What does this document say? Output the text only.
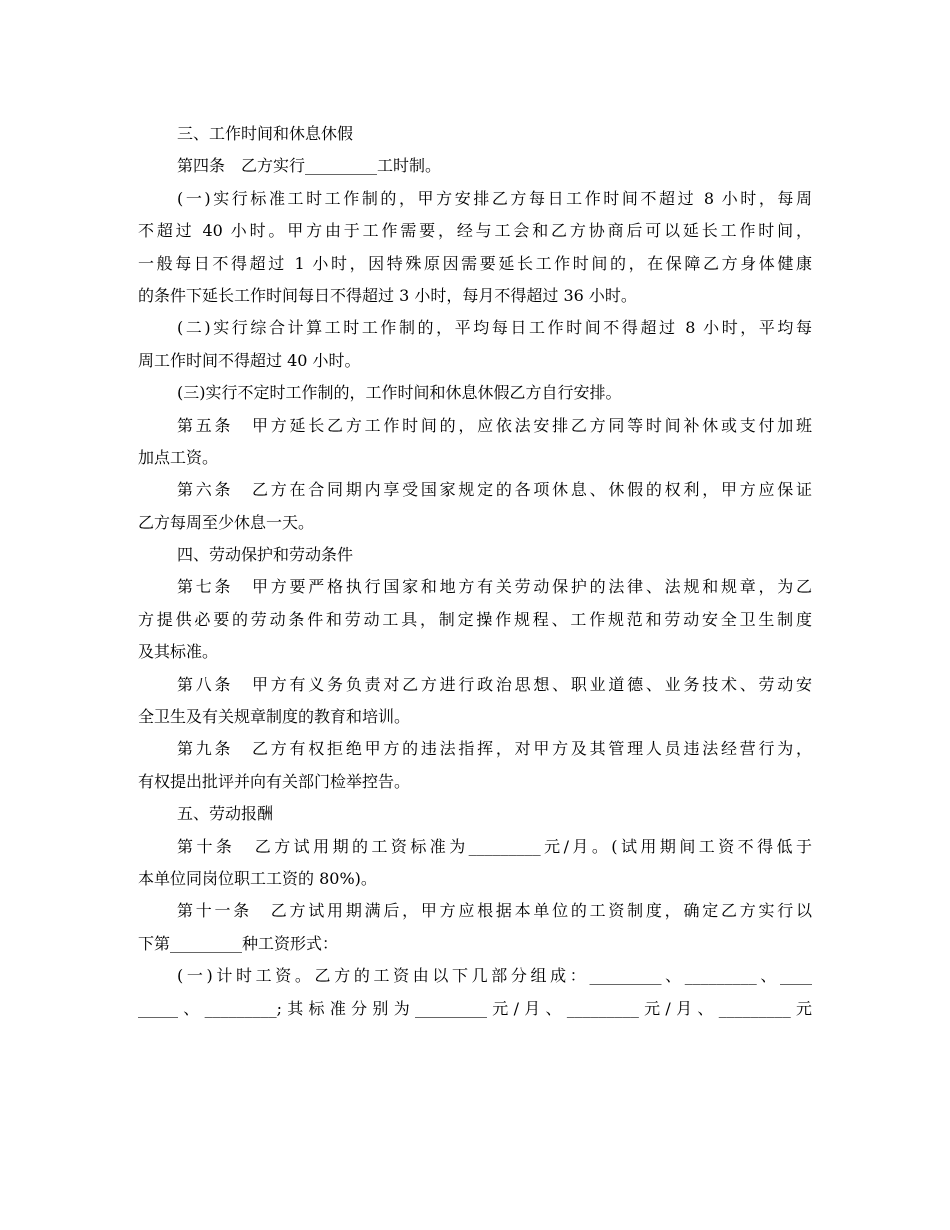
三、工作时间和休息休假
第四条　乙方实行_________工时制。
(一)实行标准工时工作制的，甲方安排乙方每日工作时间不超过 8 小时，每周
不超过 40 小时。甲方由于工作需要，经与工会和乙方协商后可以延长工作时间，
一般每日不得超过 1 小时，因特殊原因需要延长工作时间的，在保障乙方身体健康
的条件下延长工作时间每日不得超过 3 小时，每月不得超过 36 小时。
(二)实行综合计算工时工作制的，平均每日工作时间不得超过 8 小时，平均每
周工作时间不得超过 40 小时。
(三)实行不定时工作制的，工作时间和休息休假乙方自行安排。
第五条　甲方延长乙方工作时间的，应依法安排乙方同等时间补休或支付加班
加点工资。
第六条　乙方在合同期内享受国家规定的各项休息、休假的权利，甲方应保证
乙方每周至少休息一天。
四、劳动保护和劳动条件
第七条　甲方要严格执行国家和地方有关劳动保护的法律、法规和规章，为乙
方提供必要的劳动条件和劳动工具，制定操作规程、工作规范和劳动安全卫生制度
及其标准。
第八条　甲方有义务负责对乙方进行政治思想、职业道德、业务技术、劳动安
全卫生及有关规章制度的教育和培训。
第九条　乙方有权拒绝甲方的违法指挥，对甲方及其管理人员违法经营行为，
有权提出批评并向有关部门检举控告。
五、劳动报酬
第十条　乙方试用期的工资标准为_________元/月。(试用期间工资不得低于
本单位同岗位职工工资的 80%)。
第十一条　乙方试用期满后，甲方应根据本单位的工资制度，确定乙方实行以
下第_________种工资形式：
(一)计时工资。乙方的工资由以下几部分组成：_________、_________、____
_____、_________;其标准分别为_________元/月、_________元/月、_________元
